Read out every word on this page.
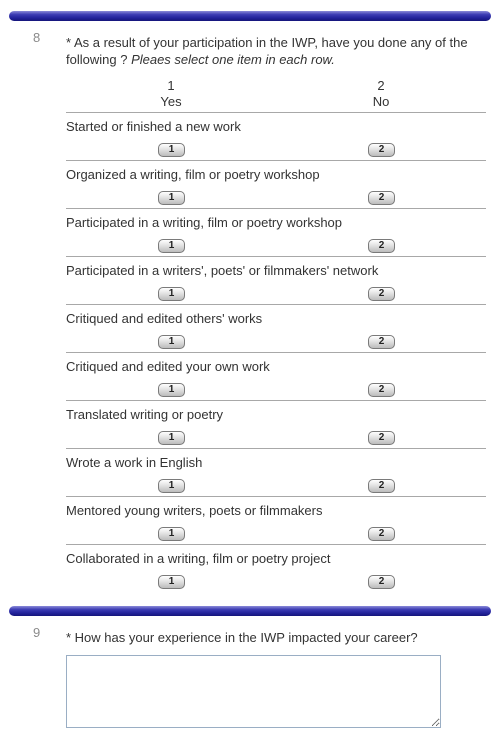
8 * As a result of your participation in the IWP, have you done any of the following ? Pleaes select one item in each row.
1
Yes
2
No
Started or finished a new work
1	2
Organized a writing, film or poetry workshop
1	2
Participated in a writing, film or poetry workshop
1	2
Participated in a writers', poets' or filmmakers' network
1	2
Critiqued and edited others' works
1	2
Critiqued and edited your own work
1	2
Translated writing or poetry
1	2
Wrote a work in English
1	2
Mentored young writers, poets or filmmakers
1	2
Collaborated in a writing, film or poetry project
1	2
9 * How has your experience in the IWP impacted your career?
